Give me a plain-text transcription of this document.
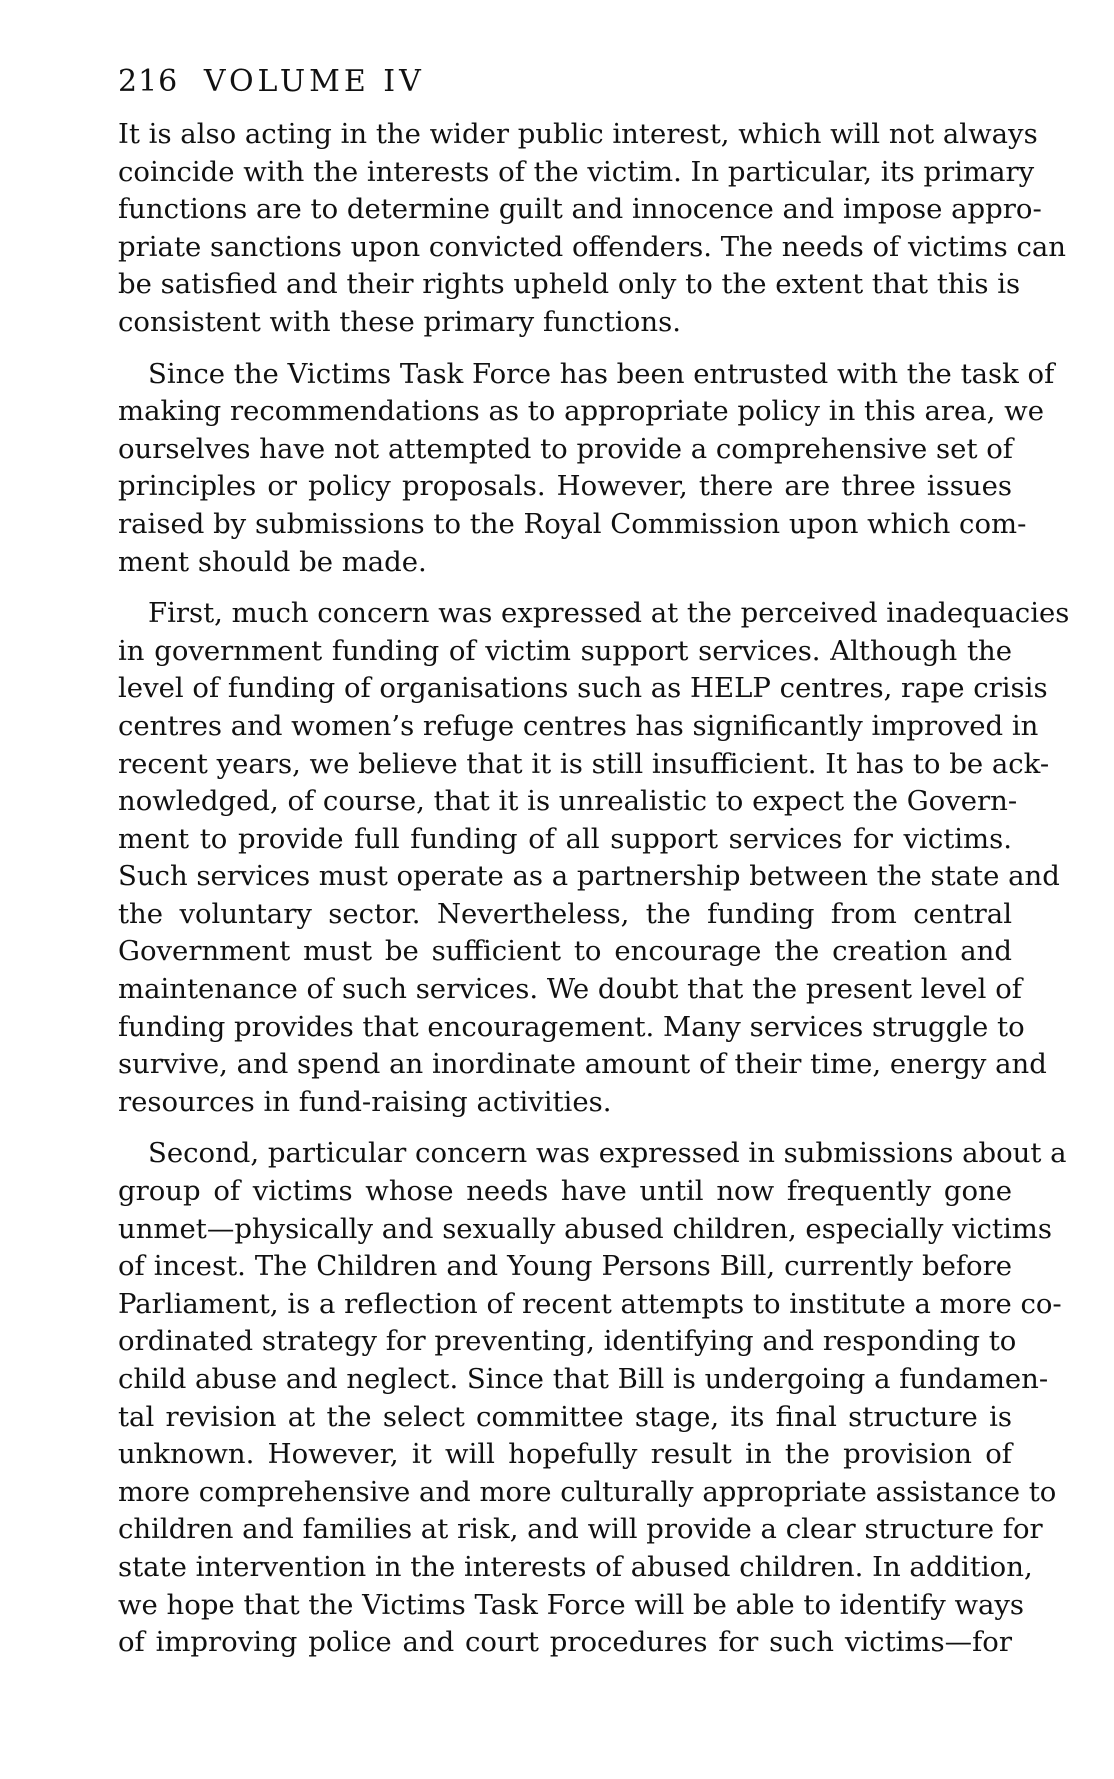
216 VOLUME IV
It is also acting in the wider public interest, which will not always
coincide with the interests of the victim. In particular, its primary
functions are to determine guilt and innocence and impose appro-
priate sanctions upon convicted offenders. The needs of victims can
be satisfied and their rights upheld only to the extent that this is
consistent with these primary functions.
Since the Victims Task Force has been entrusted with the task of
making recommendations as to appropriate policy in this area, we
ourselves have not attempted to provide a comprehensive set of
principles or policy proposals. However, there are three issues
raised by submissions to the Royal Commission upon which com-
ment should be made.
First, much concern was expressed at the perceived inadequacies
in government funding of victim support services. Although the
level of funding of organisations such as HELP centres, rape crisis
centres and women’s refuge centres has significantly improved in
recent years, we believe that it is still insufficient. It has to be ack-
nowledged, of course, that it is unrealistic to expect the Govern-
ment to provide full funding of all support services for victims.
Such services must operate as a partnership between the state and
the voluntary sector. Nevertheless, the funding from central
Government must be sufficient to encourage the creation and
maintenance of such services. We doubt that the present level of
funding provides that encouragement. Many services struggle to
survive, and spend an inordinate amount of their time, energy and
resources in fund-raising activities.
Second, particular concern was expressed in submissions about a
group of victims whose needs have until now frequently gone
unmet—physically and sexually abused children, especially victims
of incest. The Children and Young Persons Bill, currently before
Parliament, is a reflection of recent attempts to institute a more co-
ordinated strategy for preventing, identifying and responding to
child abuse and neglect. Since that Bill is undergoing a fundamen-
tal revision at the select committee stage, its final structure is
unknown. However, it will hopefully result in the provision of
more comprehensive and more culturally appropriate assistance to
children and families at risk, and will provide a clear structure for
state intervention in the interests of abused children. In addition,
we hope that the Victims Task Force will be able to identify ways
of improving police and court procedures for such victims—for
